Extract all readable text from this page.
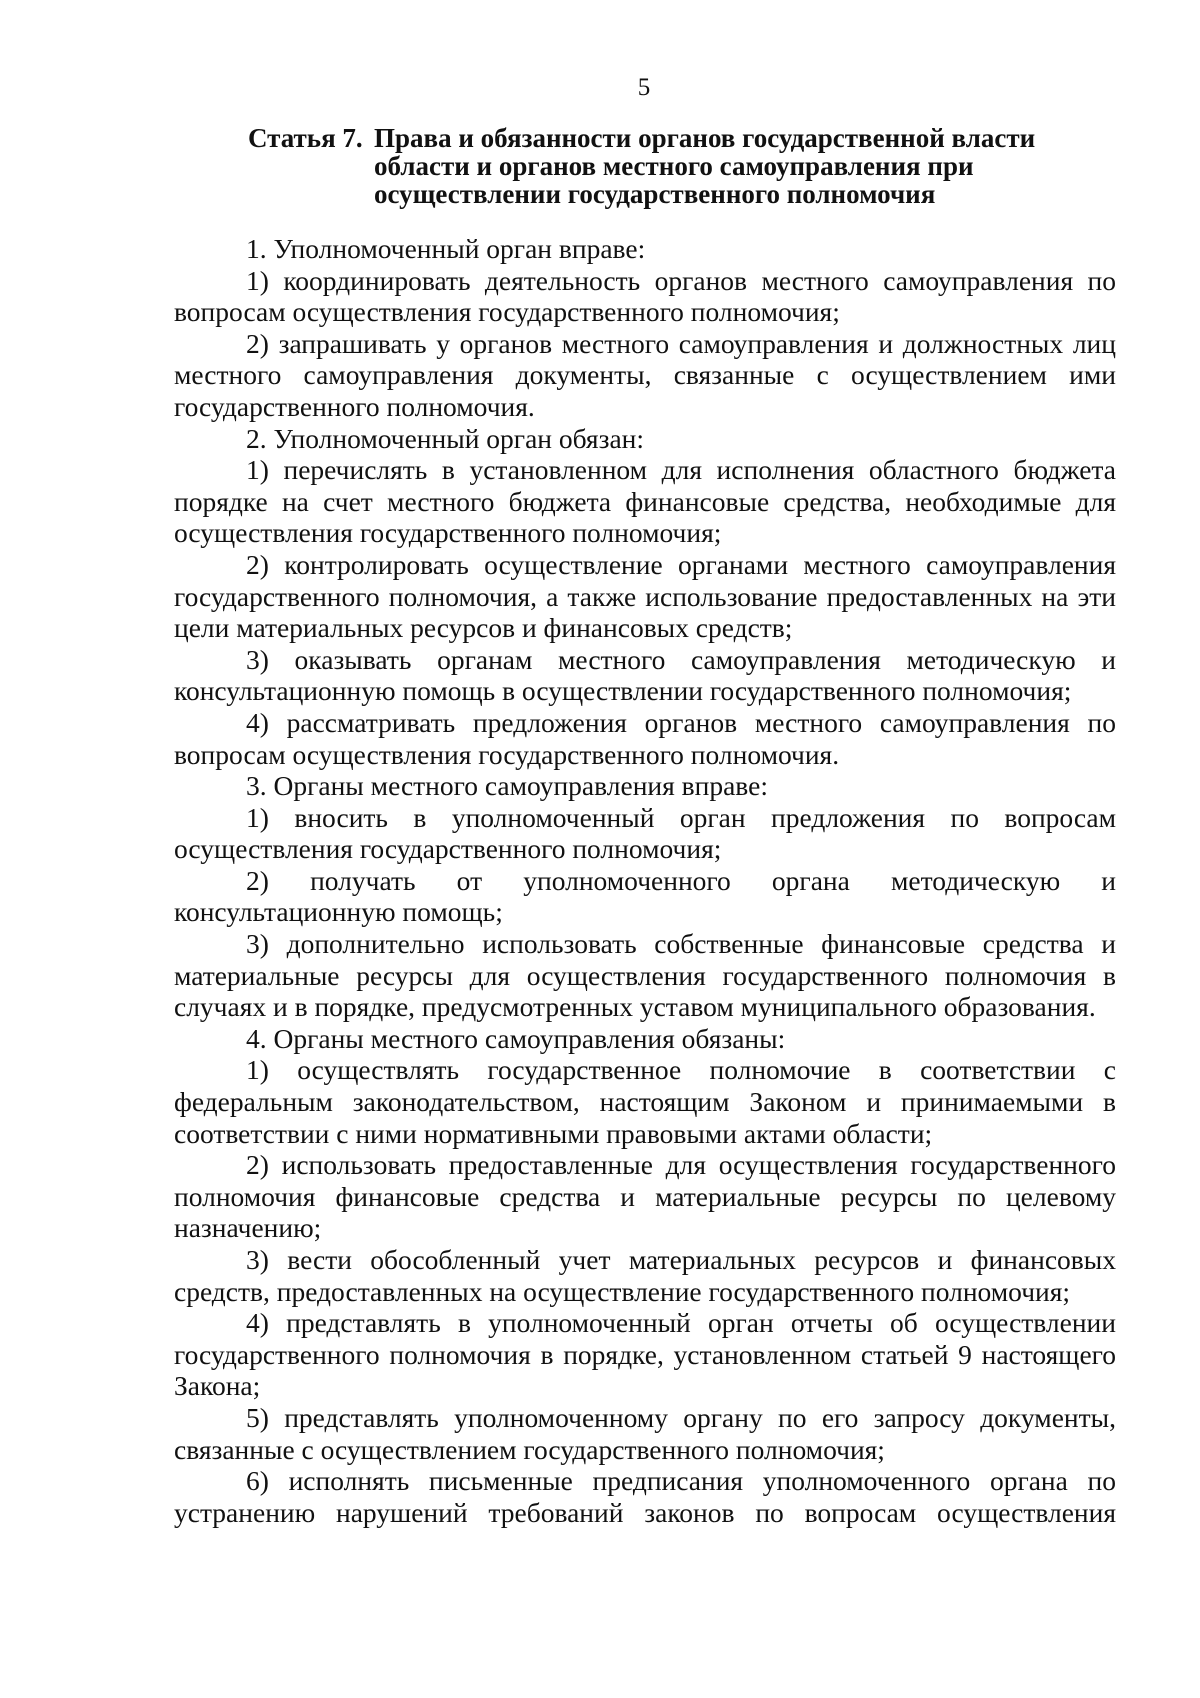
5
Статья 7. Права и обязанности органов государственной власти
области и органов местного самоуправления при
осуществлении государственного полномочия

1. Уполномоченный орган вправе:

1) координировать деятельность органов местного самоуправления по вопросам осуществления государственного полномочия;

2) запрашивать у органов местного самоуправления и должностных лиц местного самоуправления документы, связанные с осуществлением ими государственного полномочия.

2. Уполномоченный орган обязан:

1) перечислять в установленном для исполнения областного бюджета порядке на счет местного бюджета финансовые средства, необходимые для осуществления государственного полномочия;

2) контролировать осуществление органами местного самоуправления государственного полномочия, а также использование предоставленных на эти цели материальных ресурсов и финансовых средств;

3) оказывать органам местного самоуправления методическую и консультационную помощь в осуществлении государственного полномочия;

4) рассматривать предложения органов местного самоуправления по вопросам осуществления государственного полномочия.

3. Органы местного самоуправления вправе:

1) вносить в уполномоченный орган предложения по вопросам осуществления государственного полномочия;

2) получать от уполномоченного органа методическую и консультационную помощь;

3) дополнительно использовать собственные финансовые средства и материальные ресурсы для осуществления государственного полномочия в случаях и в порядке, предусмотренных уставом муниципального образования.

4. Органы местного самоуправления обязаны:

1) осуществлять государственное полномочие в соответствии с федеральным законодательством, настоящим Законом и принимаемыми в соответствии с ними нормативными правовыми актами области;

2) использовать предоставленные для осуществления государственного полномочия финансовые средства и материальные ресурсы по целевому назначению;

3) вести обособленный учет материальных ресурсов и финансовых средств, предоставленных на осуществление государственного полномочия;

4) представлять в уполномоченный орган отчеты об осуществлении государственного полномочия в порядке, установленном статьей 9 настоящего Закона;

5) представлять уполномоченному органу по его запросу документы, связанные с осуществлением государственного полномочия;

6) исполнять письменные предписания уполномоченного органа по устранению нарушений требований законов по вопросам осуществления
